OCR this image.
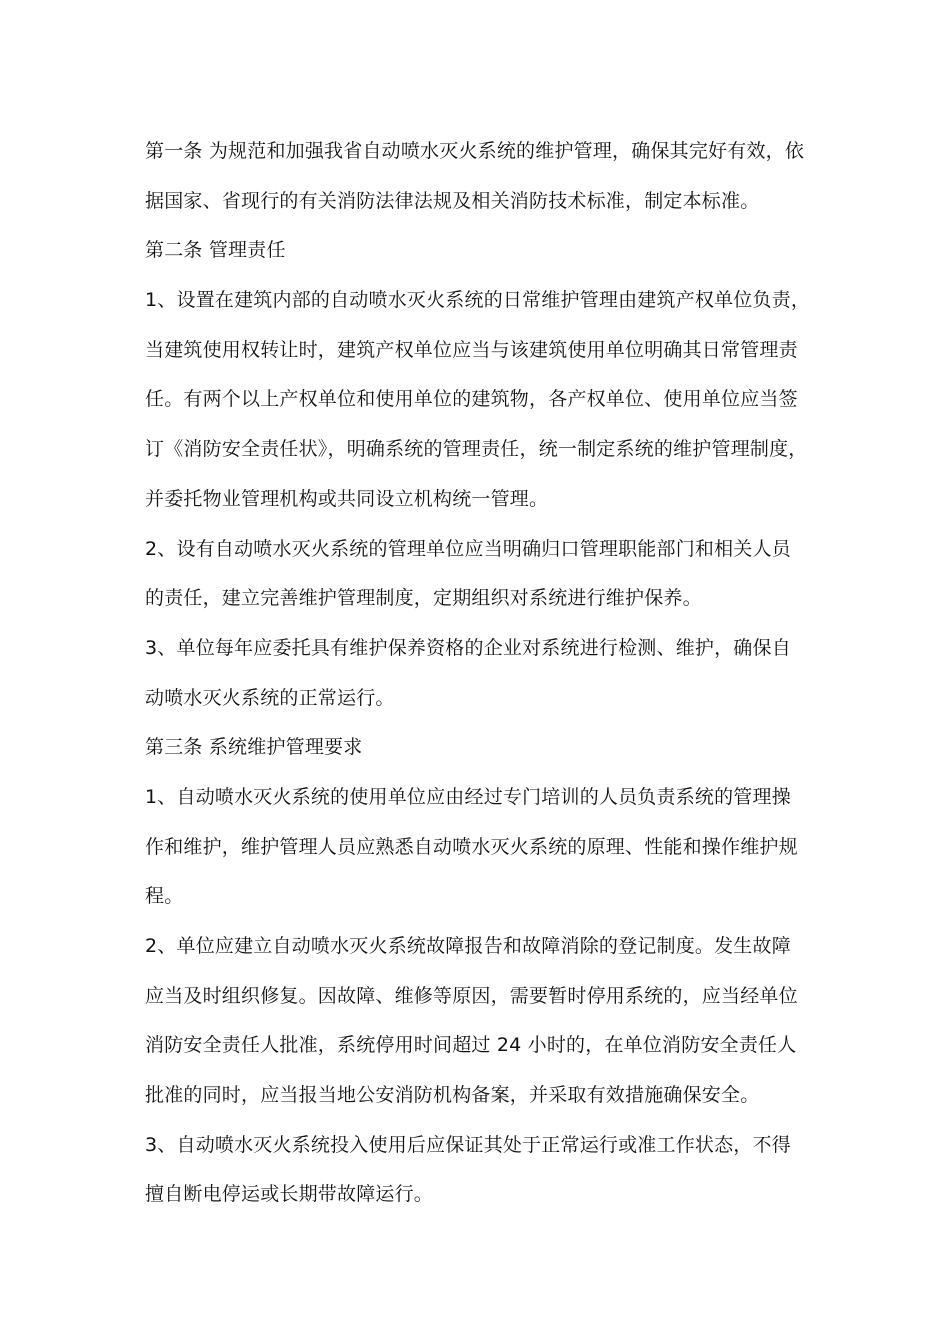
第一条 为规范和加强我省自动喷水灭火系统的维护管理，确保其完好有效，依
据国家、省现行的有关消防法律法规及相关消防技术标准，制定本标准。
第二条 管理责任
1、设置在建筑内部的自动喷水灭火系统的日常维护管理由建筑产权单位负责，
当建筑使用权转让时，建筑产权单位应当与该建筑使用单位明确其日常管理责
任。有两个以上产权单位和使用单位的建筑物，各产权单位、使用单位应当签
订《消防安全责任状》，明确系统的管理责任，统一制定系统的维护管理制度，
并委托物业管理机构或共同设立机构统一管理。
2、设有自动喷水灭火系统的管理单位应当明确归口管理职能部门和相关人员
的责任，建立完善维护管理制度，定期组织对系统进行维护保养。
3、单位每年应委托具有维护保养资格的企业对系统进行检测、维护，确保自
动喷水灭火系统的正常运行。
第三条 系统维护管理要求
1、自动喷水灭火系统的使用单位应由经过专门培训的人员负责系统的管理操
作和维护，维护管理人员应熟悉自动喷水灭火系统的原理、性能和操作维护规
程。
2、单位应建立自动喷水灭火系统故障报告和故障消除的登记制度。发生故障
应当及时组织修复。因故障、维修等原因，需要暂时停用系统的，应当经单位
消防安全责任人批准，系统停用时间超过 24 小时的，在单位消防安全责任人
批准的同时，应当报当地公安消防机构备案，并采取有效措施确保安全。
3、自动喷水灭火系统投入使用后应保证其处于正常运行或准工作状态，不得
擅自断电停运或长期带故障运行。
